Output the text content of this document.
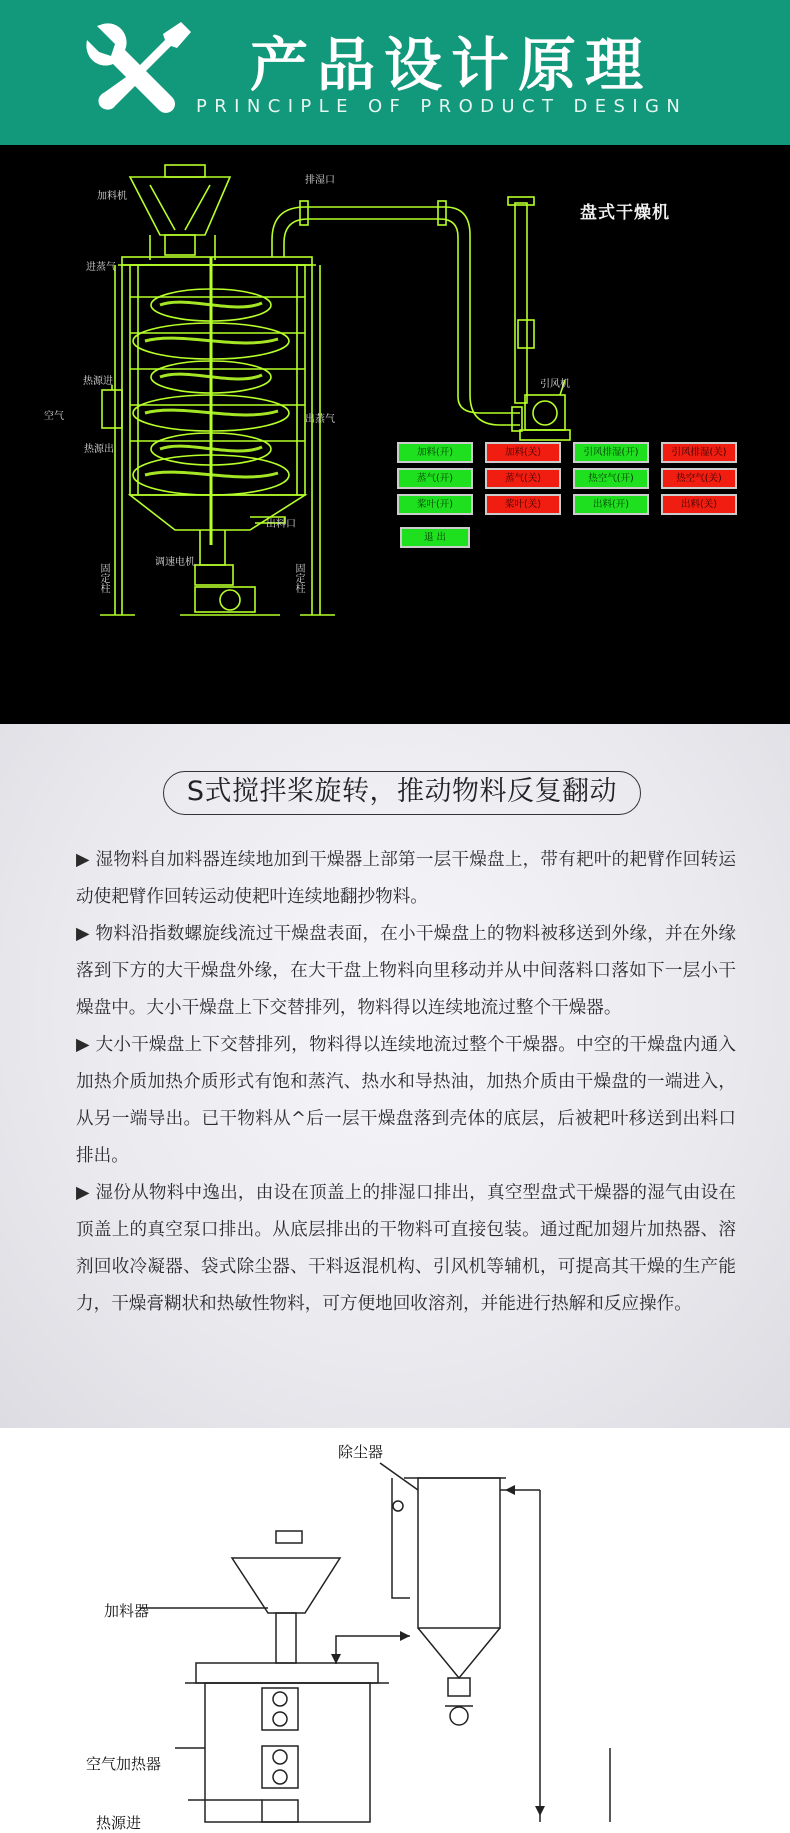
产品设计原理
PRINCIPLE OF PRODUCT DESIGN
加料机
排湿口
进蒸气
热源进
空气
热源出
出蒸气
出料口
调速电机
固定柱	固定柱
引风机
盘式干燥机
加料(开)	加料(关)	引风排湿(开)	引风排湿(关)
蒸气(开)	蒸气(关)	热空气(开)	热空气(关)
桨叶(开)	桨叶(关)	出料(开)	出料(关)
退 出
S式搅拌桨旋转，推动物料反复翻动

▶ 湿物料自加料器连续地加到干燥器上部第一层干燥盘上，带有耙叶的耙臂作回转运动使耙臂作回转运动使耙叶连续地翻抄物料。

▶ 物料沿指数螺旋线流过干燥盘表面，在小干燥盘上的物料被移送到外缘，并在外缘落到下方的大干燥盘外缘，在大干盘上物料向里移动并从中间落料口落如下一层小干燥盘中。大小干燥盘上下交替排列，物料得以连续地流过整个干燥器。

▶ 大小干燥盘上下交替排列，物料得以连续地流过整个干燥器。中空的干燥盘内通入加热介质加热介质形式有饱和蒸汽、热水和导热油，加热介质由干燥盘的一端进入，从另一端导出。已干物料从^后一层干燥盘落到壳体的底层，后被耙叶移送到出料口排出。

▶ 湿份从物料中逸出，由设在顶盖上的排湿口排出，真空型盘式干燥器的湿气由设在顶盖上的真空泵口排出。从底层排出的干物料可直接包装。通过配加翅片加热器、溶剂回收冷凝器、袋式除尘器、干料返混机构、引风机等辅机，可提高其干燥的生产能力，干燥膏糊状和热敏性物料，可方便地回收溶剂，并能进行热解和反应操作。

除尘器
加料器
空气加热器
热源进
